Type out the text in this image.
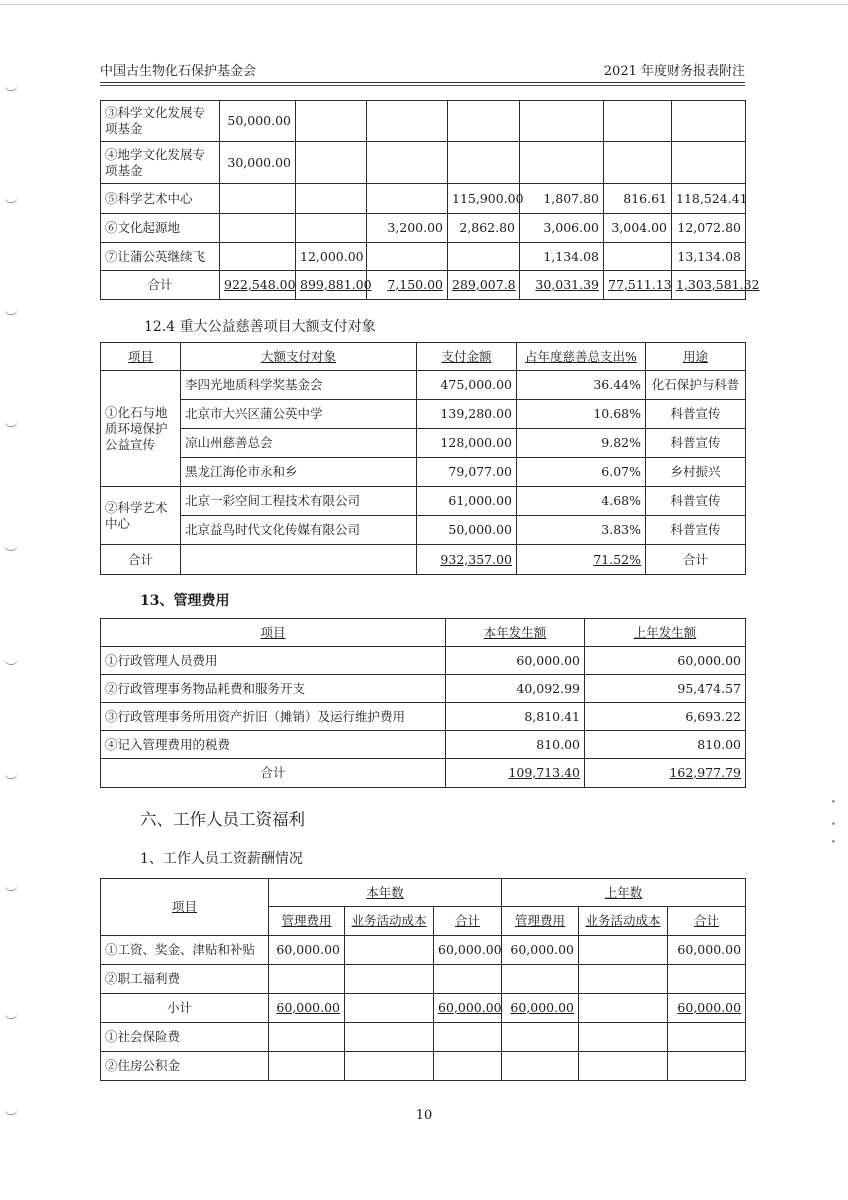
中国古生物化石保护基金会	2021 年度财务报表附注
③科学文化发展专项基金	50,000.00						
④地学文化发展专项基金	30,000.00						
⑤科学艺术中心				115,900.00	1,807.80	816.61	118,524.41
⑥文化起源地			3,200.00	2,862.80	3,006.00	3,004.00	12,072.80
⑦让蒲公英继续飞		12,000.00			1,134.08		13,134.08
合计	922,548.00	899,881.00	7,150.00	289,007.8	30,031.39	77,511.13	1,303,581.32
12.4 重大公益慈善项目大额支付对象
项目	大额支付对象	支付金额	占年度慈善总支出%	用途
①化石与地质环境保护公益宣传	李四光地质科学奖基金会	475,000.00	36.44%	化石保护与科普
	北京市大兴区蒲公英中学	139,280.00	10.68%	科普宣传
	凉山州慈善总会	128,000.00	9.82%	科普宣传
	黑龙江海伦市永和乡	79,077.00	6.07%	乡村振兴
②科学艺术中心	北京一彩空间工程技术有限公司	61,000.00	4.68%	科普宣传
	北京益鸟时代文化传媒有限公司	50,000.00	3.83%	科普宣传
合计		932,357.00	71.52%	合计
13、管理费用
项目	本年发生额	上年发生额
①行政管理人员费用	60,000.00	60,000.00
②行政管理事务物品耗费和服务开支	40,092.99	95,474.57
③行政管理事务所用资产折旧（摊销）及运行维护费用	8,810.41	6,693.22
④记入管理费用的税费	810.00	810.00
合计	109,713.40	162,977.79
六、工作人员工资福利
1、工作人员工资薪酬情况
项目	本年数			上年数		
	管理费用	业务活动成本	合计	管理费用	业务活动成本	合计
①工资、奖金、津贴和补贴	60,000.00		60,000.00	60,000.00		60,000.00
②职工福利费						
小计	60,000.00		60,000.00	60,000.00		60,000.00
①社会保险费						
②住房公积金						
10
